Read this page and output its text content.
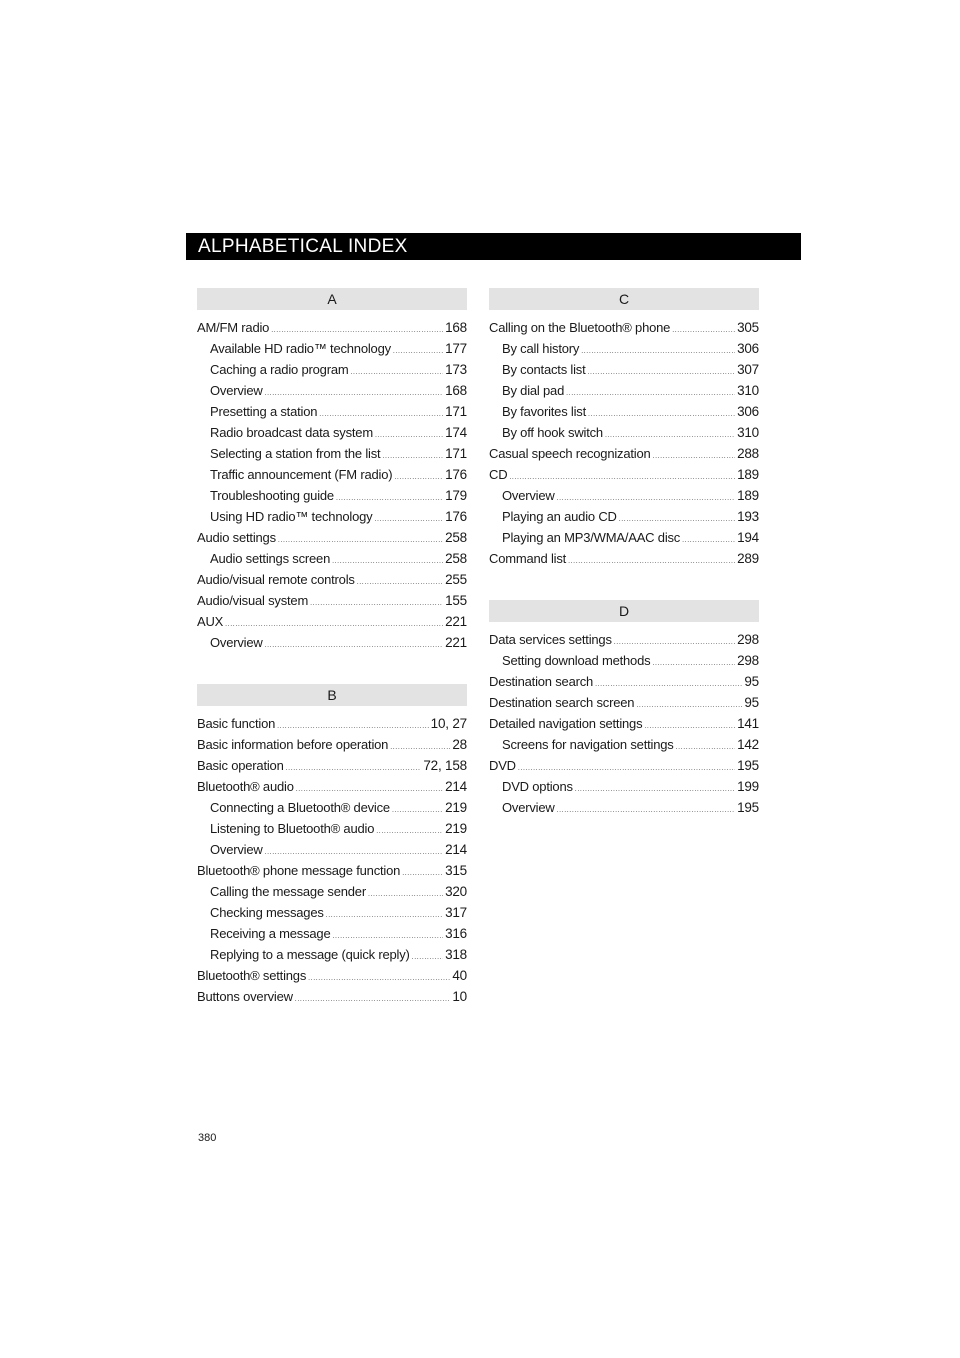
ALPHABETICAL INDEX
A
AM/FM radio .....	168
Available HD radio™ technology .....	177
Caching a radio program .....	173
Overview .....	168
Presetting a station .....	171
Radio broadcast data system .....	174
Selecting a station from the list .....	171
Traffic announcement (FM radio) .....	176
Troubleshooting guide .....	179
Using HD radio™ technology .....	176
Audio settings .....	258
Audio settings screen .....	258
Audio/visual remote controls .....	255
Audio/visual system .....	155
AUX .....	221
Overview .....	221
B
Basic function .....	10, 27
Basic information before operation .....	28
Basic operation .....	72, 158
Bluetooth® audio .....	214
Connecting a Bluetooth® device .....	219
Listening to Bluetooth® audio .....	219
Overview .....	214
Bluetooth® phone message function .....	315
Calling the message sender .....	320
Checking messages .....	317
Receiving a message .....	316
Replying to a message (quick reply) .....	318
Bluetooth® settings .....	40
Buttons overview .....	10
C
Calling on the Bluetooth® phone .....	305
By call history .....	306
By contacts list .....	307
By dial pad .....	310
By favorites list .....	306
By off hook switch .....	310
Casual speech recognization .....	288
CD .....	189
Overview .....	189
Playing an audio CD .....	193
Playing an MP3/WMA/AAC disc .....	194
Command list .....	289
D
Data services settings .....	298
Setting download methods .....	298
Destination search .....	95
Destination search screen .....	95
Detailed navigation settings .....	141
Screens for navigation settings .....	142
DVD .....	195
DVD options .....	199
Overview .....	195
380
